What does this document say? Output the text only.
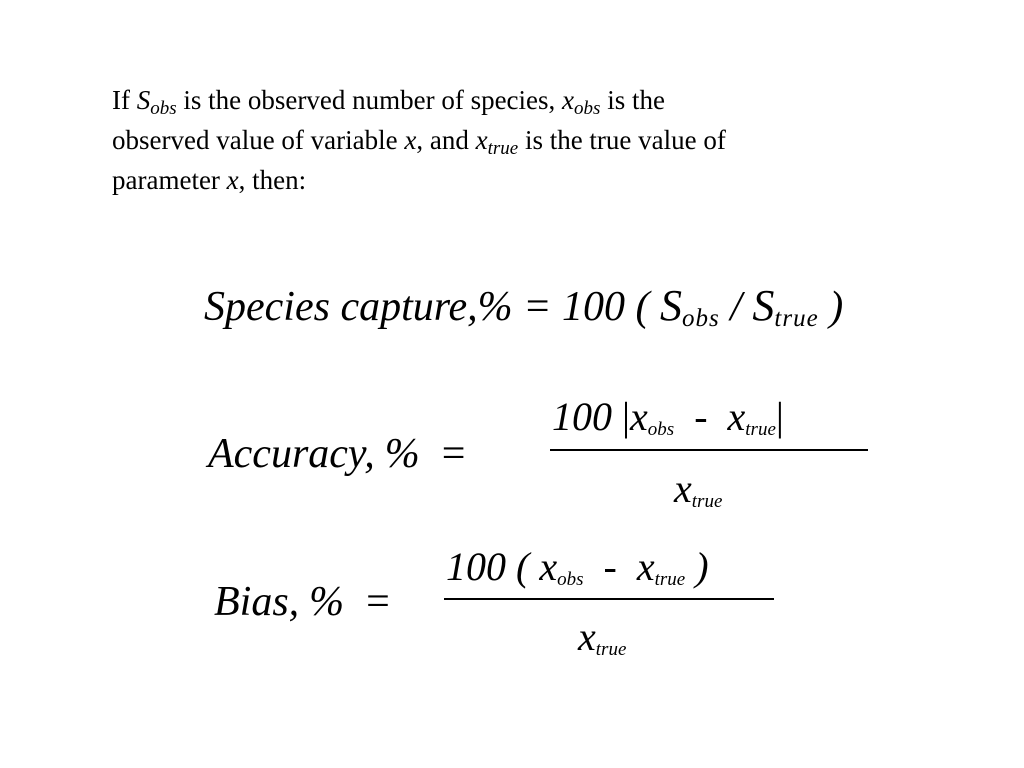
If $S_{obs}$ is the observed number of species, $x_{obs}$ is the
observed value of variable x, and $x_{true}$ is the true value of
parameter x, then:
Species capture,% = 100 ( $S_{obs} / S_{true}$ )
Accuracy, % =
100 $|x_{obs} - x_{true}|$
$x_{true}$
Bias, % =
100 ( $x_{obs} - x_{true}$ )
$x_{true}$
